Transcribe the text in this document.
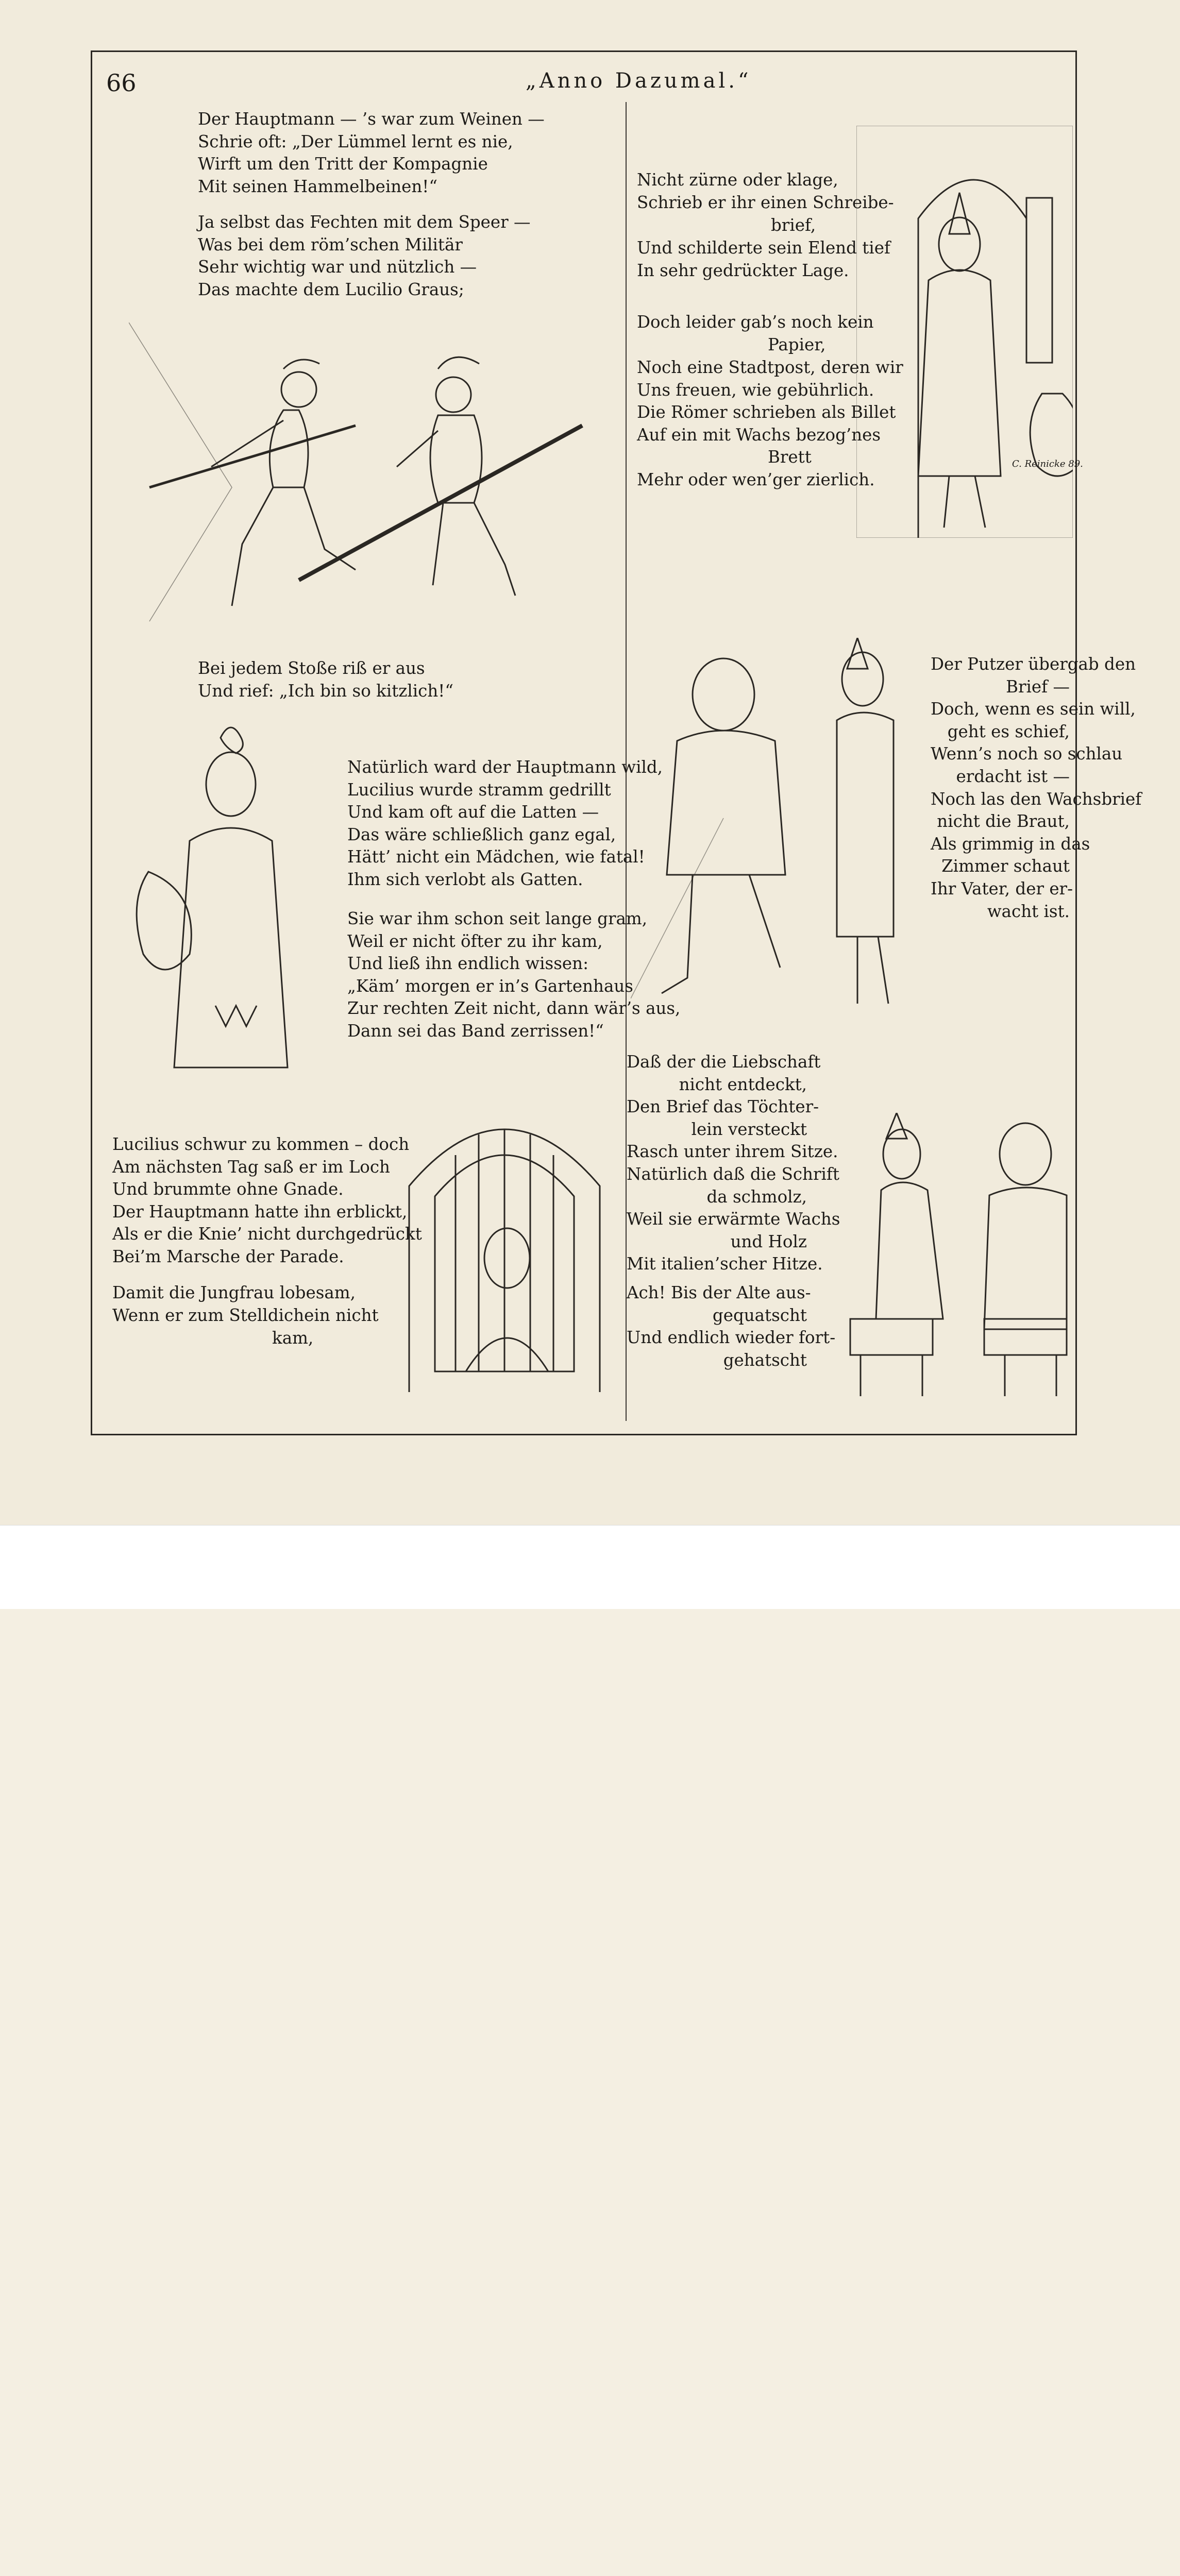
66	„Anno Dazumal.“
Der Hauptmann — ’s war zum Weinen —
Schrie oft: „Der Lümmel lernt es nie,
Wirft um den Tritt der Kompagnie
Mit seinen Hammelbeinen!“
Ja selbst das Fechten mit dem Speer —
Was bei dem röm’schen Militär
Sehr wichtig war und nützlich —
Das machte dem Lucilio Graus;
Bei jedem Stoße riß er aus
Und rief: „Ich bin so kitzlich!“
Natürlich ward der Hauptmann wild,
Lucilius wurde stramm gedrillt
Und kam oft auf die Latten —
Das wäre schließlich ganz egal,
Hätt’ nicht ein Mädchen, wie fatal!
Ihm sich verlobt als Gatten.
Sie war ihm schon seit lange gram,
Weil er nicht öfter zu ihr kam,
Und ließ ihn endlich wissen:
„Käm’ morgen er in’s Gartenhaus
Zur rechten Zeit nicht, dann wär’s aus,
Dann sei das Band zerrissen!“
Lucilius schwur zu kommen – doch
Am nächsten Tag saß er im Loch
Und brummte ohne Gnade.
Der Hauptmann hatte ihn erblickt,
Als er die Knie’ nicht durchgedrückt
Bei’m Marsche der Parade.
Damit die Jungfrau lobesam,
Wenn er zum Stelldichein nicht
kam,
Nicht zürne oder klage,
Schrieb er ihr einen Schreibe-
brief,
Und schilderte sein Elend tief
In sehr gedrückter Lage.
Doch leider gab’s noch kein
Papier,
Noch eine Stadtpost, deren wir
Uns freuen, wie gebührlich.
Die Römer schrieben als Billet
Auf ein mit Wachs bezog’nes
Brett
Mehr oder wen’ger zierlich.
Der Putzer übergab den
Brief —
Doch, wenn es sein will,
geht es schief,
Wenn’s noch so schlau
erdacht ist —
Noch las den Wachsbrief
nicht die Braut,
Als grimmig in das
Zimmer schaut
Ihr Vater, der er-
wacht ist.
Daß der die Liebschaft
nicht entdeckt,
Den Brief das Töchter-
lein versteckt
Rasch unter ihrem Sitze.
Natürlich daß die Schrift
da schmolz,
Weil sie erwärmte Wachs
und Holz
Mit italien’scher Hitze.
Ach! Bis der Alte aus-
gequatscht
Und endlich wieder fort-
gehatscht
C. Reinicke 89.
